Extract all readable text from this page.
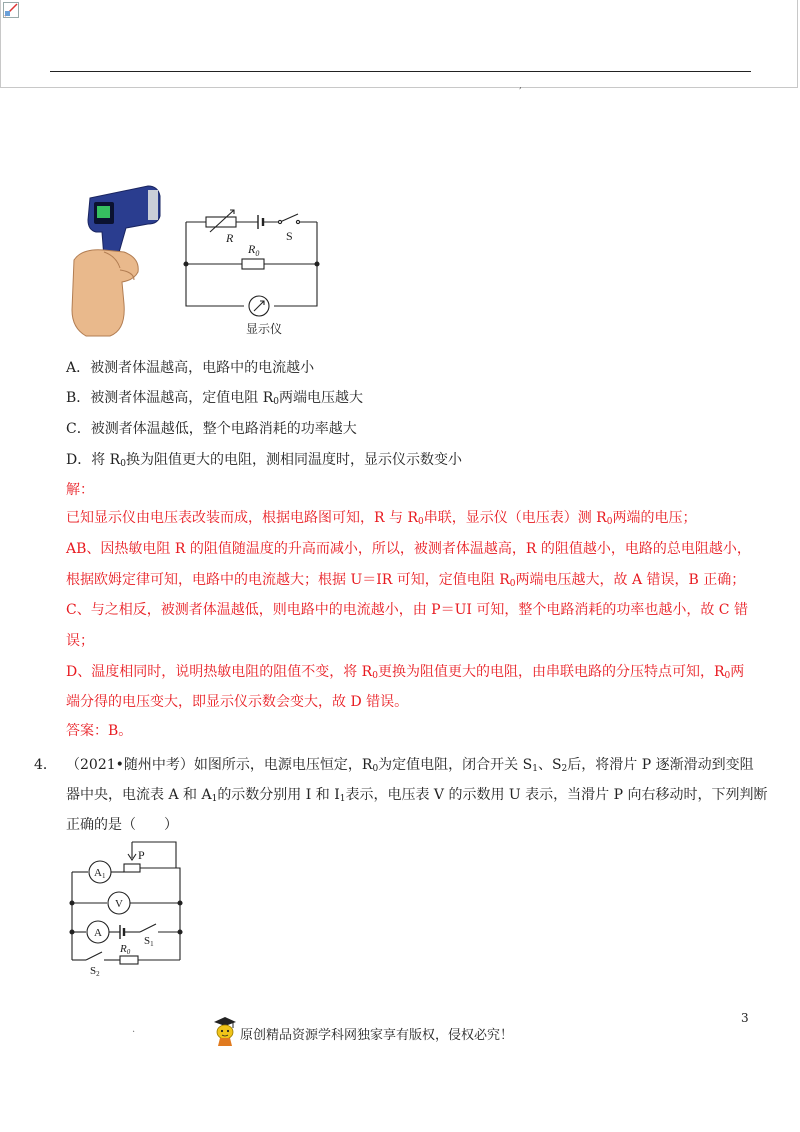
,
R	S
$R_0$
显示仪
A．被测者体温越高，电路中的电流越小
B．被测者体温越高，定值电阻 $R_0$两端电压越大
C．被测者体温越低，整个电路消耗的功率越大
D．将 $R_0$换为阻值更大的电阻，测相同温度时，显示仪示数变小
解：
已知显示仪由电压表改装而成，根据电路图可知，R 与 $R_0$串联，显示仪（电压表）测 $R_0$两端的电压；
AB、因热敏电阻 R 的阻值随温度的升高而减小，所以，被测者体温越高，R 的阻值越小，电路的总电阻越小，
根据欧姆定律可知，电路中的电流越大；根据 U＝IR 可知，定值电阻 $R_0$两端电压越大，故 A 错误，B 正确；
C、与之相反，被测者体温越低，则电路中的电流越小，由 P＝UI 可知，整个电路消耗的功率也越小，故 C 错
误；
D、温度相同时，说明热敏电阻的阻值不变，将 $R_0$更换为阻值更大的电阻，由串联电路的分压特点可知，$R_0$两
端分得的电压变大，即显示仪示数会变大，故 D 错误。
答案：B。
4． （2021•随州中考）如图所示，电源电压恒定，$R_0$为定值电阻，闭合开关 $S_1$、$S_2$后，将滑片 P 逐渐滑动到变阻
器中央，电流表 A 和 $A_1$的示数分别用 I 和 $I_1$表示，电压表 V 的示数用 U 表示，当滑片 P 向右移动时，下列判断
正确的是（　　）
P
A1
V
A
S1
R0
S2
3
.	原创精品资源学科网独家享有版权，侵权必究！
